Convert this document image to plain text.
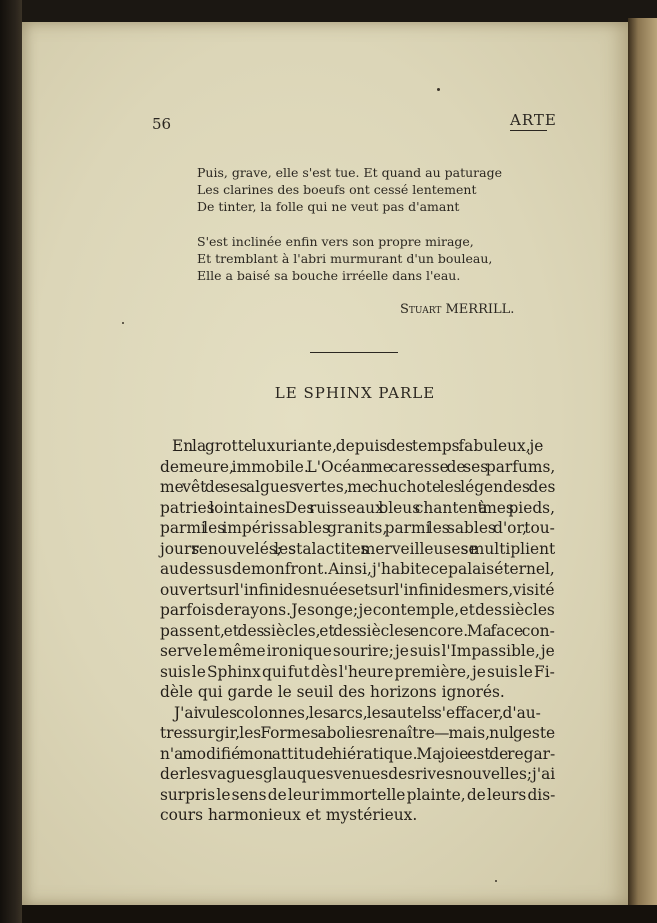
56	ARTE
Puis, grave, elle s'est tue. Et quand au paturage
Les clarines des boeufs ont cessé lentement
De tinter, la folle qui ne veut pas d'amant
S'est inclinée enfin vers son propre mirage,
Et tremblant à l'abri murmurant d'un bouleau,
Elle a baisé sa bouche irréelle dans l'eau.
Stuart MERRILL.
LE SPHINX PARLE
En la grotte luxuriante, depuis des temps fabuleux, je
demeure, immobile. L'Océan me caresse de ses parfums,
me vêt de ses algues vertes, me chuchote les légendes des
patries lointaines. Des ruisseaux bleus chantent à mes pieds,
parmi les impérissables granits, parmi les sables d'or, tou-
jours renouvelés; les stalactites merveilleuses se multiplient
au dessus de mon front. Ainsi, j'habite ce palais éternel,
ouvert sur l'infini des nuées et sur l'infini des mers, visité
parfois de rayons. Je songe; je contemple, et des siècles
passent, et des siècles, et des siècles encore. Ma face con-
serve le même ironique sourire; je suis l'Impassible, je
suis le Sphinx qui fut dès l'heure première, je suis le Fi-
dèle qui garde le seuil des horizons ignorés.
J'ai vu les colonnes, les arcs, les autels s'effacer, d'au-
tres surgir, les Formes abolies renaître — mais, nul geste
n'a modifié mon attitude hiératique. Ma joie est de regar-
der les vagues glauques venues des rives nouvelles; j'ai
surpris le sens de leur immortelle plainte, de leurs dis-
cours harmonieux et mystérieux.
